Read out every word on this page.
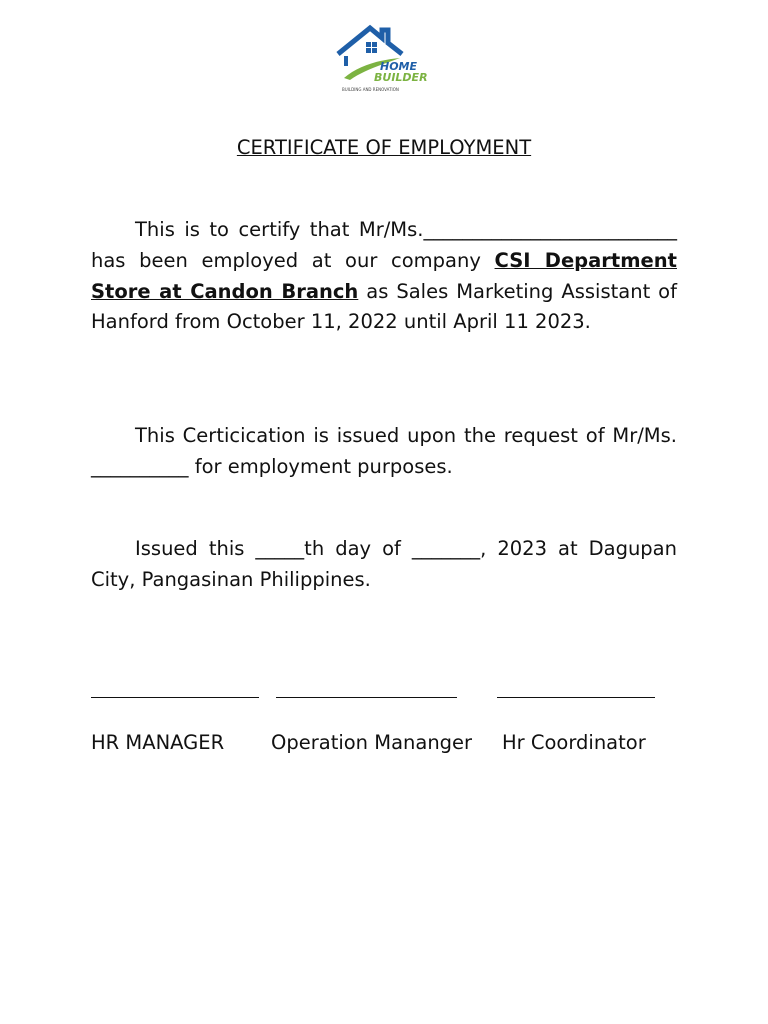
HOME
BUILDER
BUILDING AND RENOVATION
CERTIFICATE OF EMPLOYMENT

This is to certify that Mr/Ms.__________________________ has been employed at our company CSI Department Store at Candon Branch as Sales Marketing Assistant of Hanford from October 11, 2022 until April 11 2023.

This Certicication is issued upon the request of Mr/Ms. __________ for employment purposes.

Issued this _____th day of _______, 2023 at Dagupan City, Pangasinan Philippines.

HR MANAGER Operation Mananger Hr Coordinator
